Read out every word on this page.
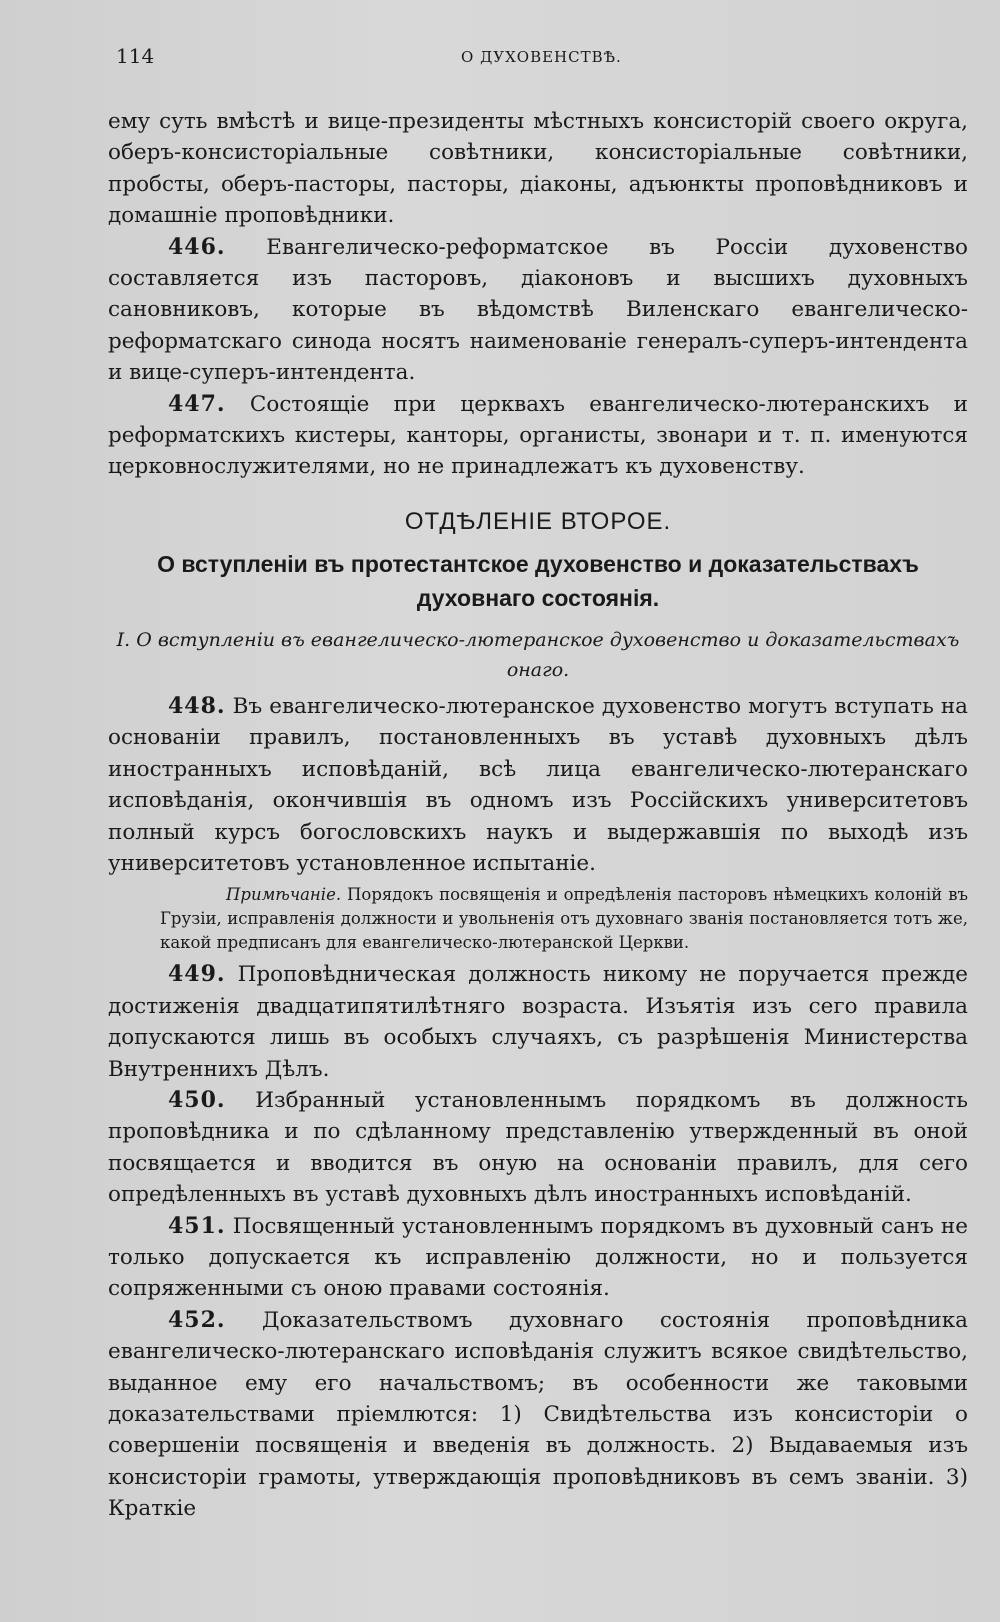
114	О ДУХОВЕНСТВѢ.

ему суть вмѣстѣ и вице-президенты мѣстныхъ консисторій своего округа, оберъ-консисторіальные совѣтники, консисторіальные совѣтники, пробсты, оберъ-пасторы, пасторы, діаконы, адъюнкты проповѣдниковъ и домашніе проповѣдники.

446. Евангелическо-реформатское въ Россіи духовенство составляется изъ пасторовъ, діаконовъ и высшихъ духовныхъ сановниковъ, которые въ вѣдомствѣ Виленскаго евангелическо-реформатскаго синода носятъ наименованіе генералъ-суперъ-интендента и вице-суперъ-интендента.

447. Состоящіе при церквахъ евангелическо-лютеранскихъ и реформатскихъ кистеры, канторы, органисты, звонари и т. п. именуются церковнослужителями, но не принадлежатъ къ духовенству.

ОТДѢЛЕНІЕ ВТОРОЕ.
О вступленіи въ протестантское духовенство и доказательствахъ духовнаго состоянія.
I. О вступленіи въ евангелическо-лютеранское духовенство и доказательствахъ онаго.

448. Въ евангелическо-лютеранское духовенство могутъ вступать на основаніи правилъ, постановленныхъ въ уставѣ духовныхъ дѣлъ иностранныхъ исповѣданій, всѣ лица евангелическо-лютеранскаго исповѣданія, окончившія въ одномъ изъ Россійскихъ университетовъ полный курсъ богословскихъ наукъ и выдержавшія по выходѣ изъ университетовъ установленное испытаніе.

Примѣчаніе. Порядокъ посвященія и опредѣленія пасторовъ нѣмецкихъ колоній въ Грузіи, исправленія должности и увольненія отъ духовнаго званія постановляется тотъ же, какой предписанъ для евангелическо-лютеранской Церкви.

449. Проповѣдническая должность никому не поручается прежде достиженія двадцатипятилѣтняго возраста. Изъятія изъ сего правила допускаются лишь въ особыхъ случаяхъ, съ разрѣшенія Министерства Внутреннихъ Дѣлъ.

450. Избранный установленнымъ порядкомъ въ должность проповѣдника и по сдѣланному представленію утвержденный въ оной посвящается и вводится въ оную на основаніи правилъ, для сего опредѣленныхъ въ уставѣ духовныхъ дѣлъ иностранныхъ исповѣданій.

451. Посвященный установленнымъ порядкомъ въ духовный санъ не только допускается къ исправленію должности, но и пользуется сопряженными съ оною правами состоянія.

452. Доказательствомъ духовнаго состоянія проповѣдника евангелическо-лютеранскаго исповѣданія служитъ всякое свидѣтельство, выданное ему его начальствомъ; въ особенности же таковыми доказательствами пріемлются: 1) Свидѣтельства изъ консисторіи о совершеніи посвященія и введенія въ должность. 2) Выдаваемыя изъ консисторіи грамоты, утверждающія проповѣдниковъ въ семъ званіи. 3) Краткіе
